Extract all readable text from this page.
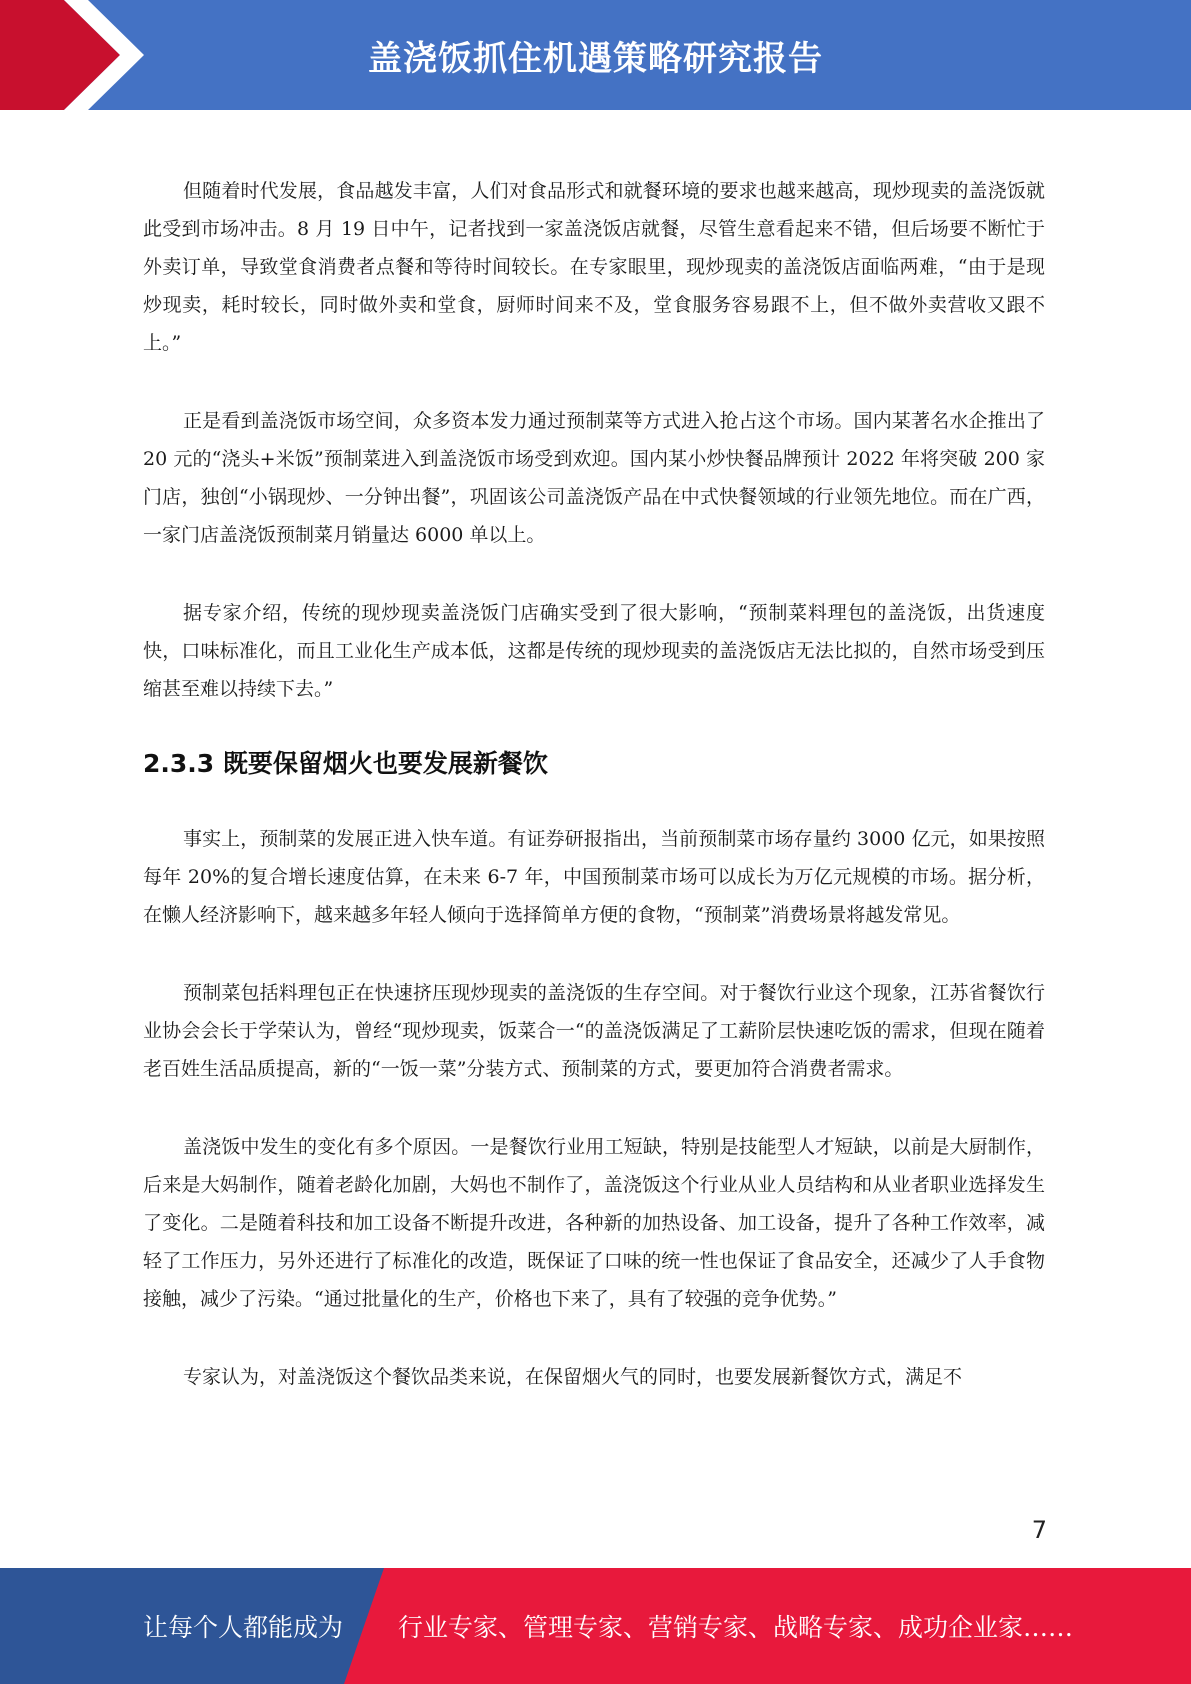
盖浇饭抓住机遇策略研究报告

但随着时代发展，食品越发丰富，人们对食品形式和就餐环境的要求也越来越高，现炒现卖的盖浇饭就此受到市场冲击。8 月 19 日中午，记者找到一家盖浇饭店就餐，尽管生意看起来不错，但后场要不断忙于外卖订单，导致堂食消费者点餐和等待时间较长。在专家眼里，现炒现卖的盖浇饭店面临两难，“由于是现炒现卖，耗时较长，同时做外卖和堂食，厨师时间来不及，堂食服务容易跟不上，但不做外卖营收又跟不上。”

正是看到盖浇饭市场空间，众多资本发力通过预制菜等方式进入抢占这个市场。国内某著名水企推出了 20 元的“浇头+米饭”预制菜进入到盖浇饭市场受到欢迎。国内某小炒快餐品牌预计 2022 年将突破 200 家门店，独创“小锅现炒、一分钟出餐”，巩固该公司盖浇饭产品在中式快餐领域的行业领先地位。而在广西，一家门店盖浇饭预制菜月销量达 6000 单以上。

据专家介绍，传统的现炒现卖盖浇饭门店确实受到了很大影响，“预制菜料理包的盖浇饭，出货速度快，口味标准化，而且工业化生产成本低，这都是传统的现炒现卖的盖浇饭店无法比拟的，自然市场受到压缩甚至难以持续下去。”

2.3.3 既要保留烟火也要发展新餐饮

事实上，预制菜的发展正进入快车道。有证券研报指出，当前预制菜市场存量约 3000 亿元，如果按照每年 20%的复合增长速度估算，在未来 6-7 年，中国预制菜市场可以成长为万亿元规模的市场。据分析，在懒人经济影响下，越来越多年轻人倾向于选择简单方便的食物，“预制菜”消费场景将越发常见。

预制菜包括料理包正在快速挤压现炒现卖的盖浇饭的生存空间。对于餐饮行业这个现象，江苏省餐饮行业协会会长于学荣认为，曾经“现炒现卖，饭菜合一“的盖浇饭满足了工薪阶层快速吃饭的需求，但现在随着老百姓生活品质提高，新的“一饭一菜”分装方式、预制菜的方式，要更加符合消费者需求。

盖浇饭中发生的变化有多个原因。一是餐饮行业用工短缺，特别是技能型人才短缺，以前是大厨制作，后来是大妈制作，随着老龄化加剧，大妈也不制作了，盖浇饭这个行业从业人员结构和从业者职业选择发生了变化。二是随着科技和加工设备不断提升改进，各种新的加热设备、加工设备，提升了各种工作效率，减轻了工作压力，另外还进行了标准化的改造，既保证了口味的统一性也保证了食品安全，还减少了人手食物接触，减少了污染。“通过批量化的生产，价格也下来了，具有了较强的竞争优势。”

专家认为，对盖浇饭这个餐饮品类来说，在保留烟火气的同时，也要发展新餐饮方式，满足不

7
让每个人都能成为 行业专家、管理专家、营销专家、战略专家、成功企业家……
